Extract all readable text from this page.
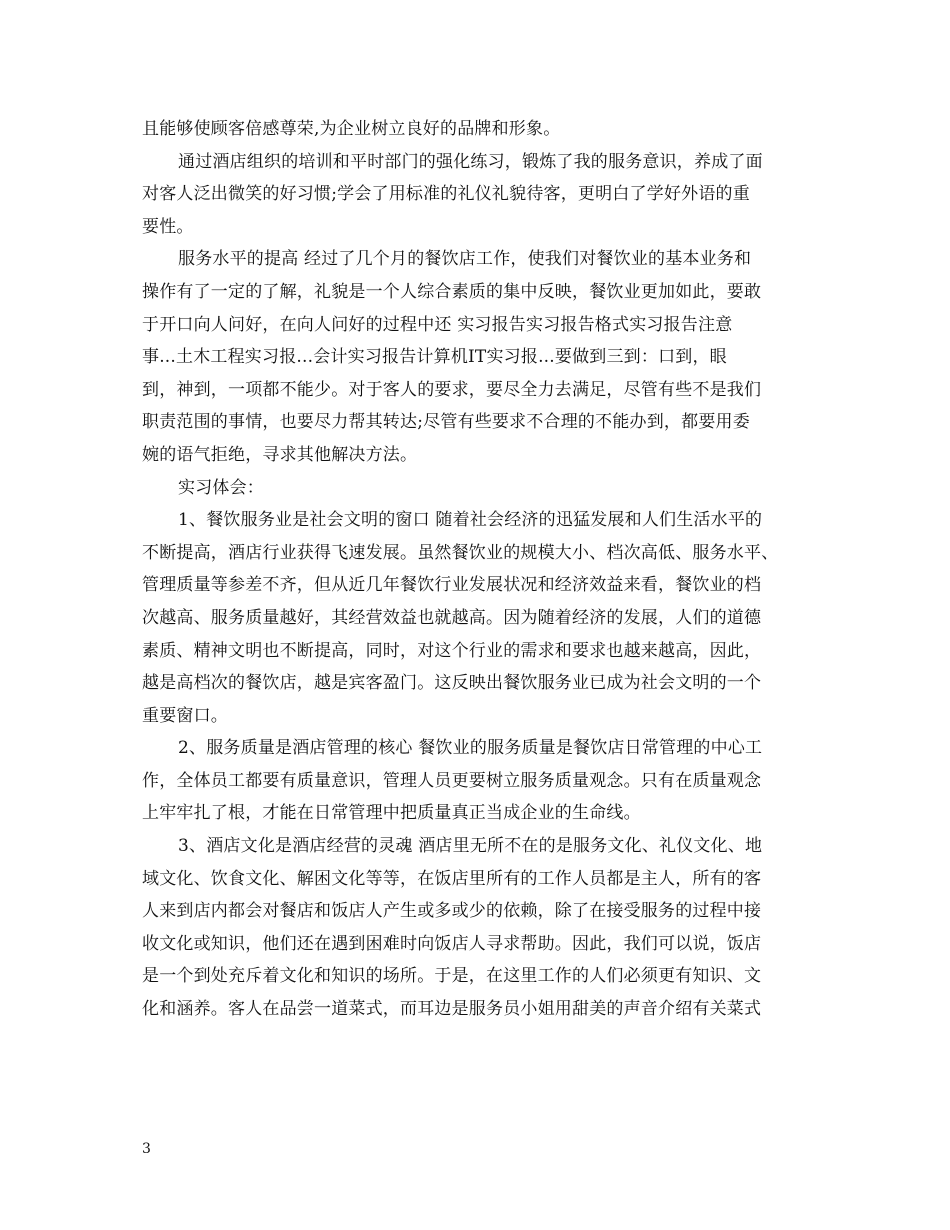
且能够使顾客倍感尊荣,为企业树立良好的品牌和形象。
通过酒店组织的培训和平时部门的强化练习，锻炼了我的服务意识，养成了面
对客人泛出微笑的好习惯;学会了用标准的礼仪礼貌待客，更明白了学好外语的重
要性。
服务水平的提高 经过了几个月的餐饮店工作，使我们对餐饮业的基本业务和
操作有了一定的了解，礼貌是一个人综合素质的集中反映，餐饮业更加如此，要敢
于开口向人问好，在向人问好的过程中还 实习报告实习报告格式实习报告注意
事...土木工程实习报...会计实习报告计算机IT实习报...要做到三到：口到，眼
到，神到，一项都不能少。对于客人的要求，要尽全力去满足，尽管有些不是我们
职责范围的事情，也要尽力帮其转达;尽管有些要求不合理的不能办到，都要用委
婉的语气拒绝，寻求其他解决方法。
实习体会：
1、餐饮服务业是社会文明的窗口 随着社会经济的迅猛发展和人们生活水平的
不断提高，酒店行业获得飞速发展。虽然餐饮业的规模大小、档次高低、服务水平、
管理质量等参差不齐，但从近几年餐饮行业发展状况和经济效益来看，餐饮业的档
次越高、服务质量越好，其经营效益也就越高。因为随着经济的发展，人们的道德
素质、精神文明也不断提高，同时，对这个行业的需求和要求也越来越高，因此，
越是高档次的餐饮店，越是宾客盈门。这反映出餐饮服务业已成为社会文明的一个
重要窗口。
2、服务质量是酒店管理的核心 餐饮业的服务质量是餐饮店日常管理的中心工
作，全体员工都要有质量意识，管理人员更要树立服务质量观念。只有在质量观念
上牢牢扎了根，才能在日常管理中把质量真正当成企业的生命线。
3、酒店文化是酒店经营的灵魂 酒店里无所不在的是服务文化、礼仪文化、地
域文化、饮食文化、解困文化等等，在饭店里所有的工作人员都是主人，所有的客
人来到店内都会对餐店和饭店人产生或多或少的依赖，除了在接受服务的过程中接
收文化或知识，他们还在遇到困难时向饭店人寻求帮助。因此，我们可以说，饭店
是一个到处充斥着文化和知识的场所。于是，在这里工作的人们必须更有知识、文
化和涵养。客人在品尝一道菜式，而耳边是服务员小姐用甜美的声音介绍有关菜式
3
